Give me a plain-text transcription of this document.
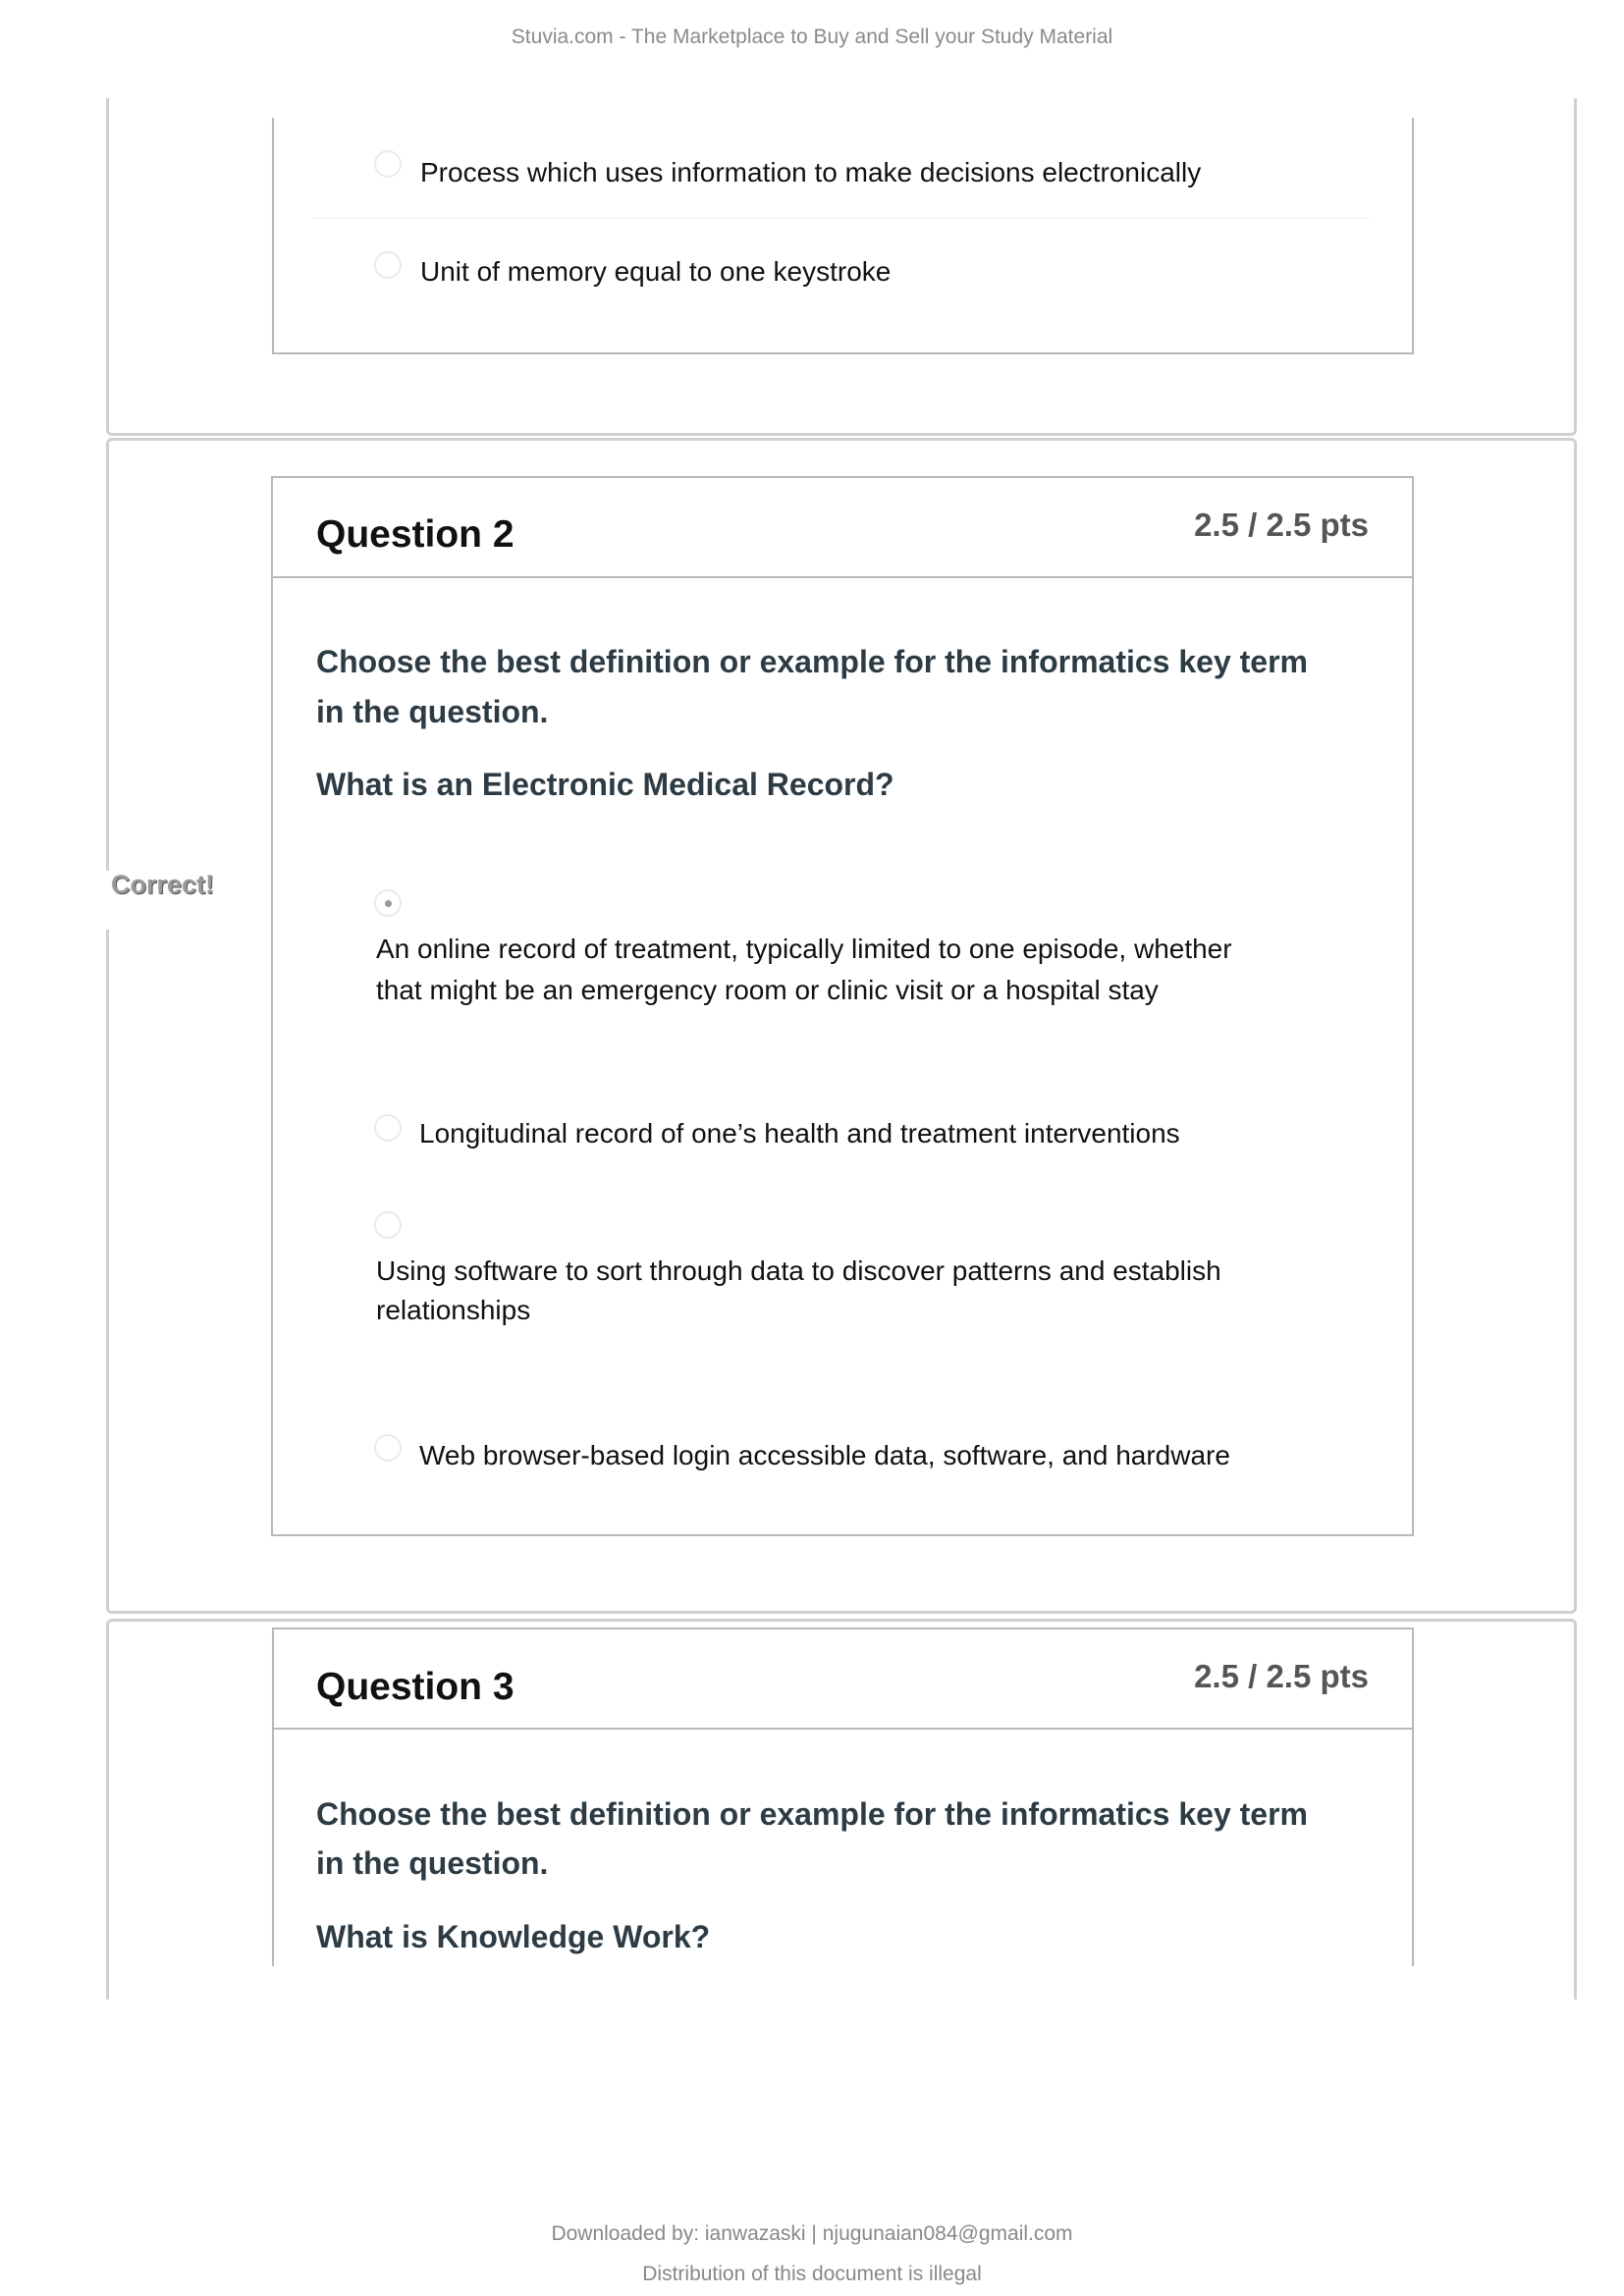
Stuvia.com - The Marketplace to Buy and Sell your Study Material
Process which uses information to make decisions electronically
Unit of memory equal to one keystroke
Correct!
Question 2	2.5 / 2.5 pts
Choose the best definition or example for the informatics key term
in the question.
What is an Electronic Medical Record?
An online record of treatment, typically limited to one episode, whether
that might be an emergency room or clinic visit or a hospital stay
Longitudinal record of one’s health and treatment interventions
Using software to sort through data to discover patterns and establish
relationships
Web browser-based login accessible data, software, and hardware
Question 3	2.5 / 2.5 pts
Choose the best definition or example for the informatics key term
in the question.
What is Knowledge Work?
Downloaded by: ianwazaski | njugunaian084@gmail.com
Distribution of this document is illegal
